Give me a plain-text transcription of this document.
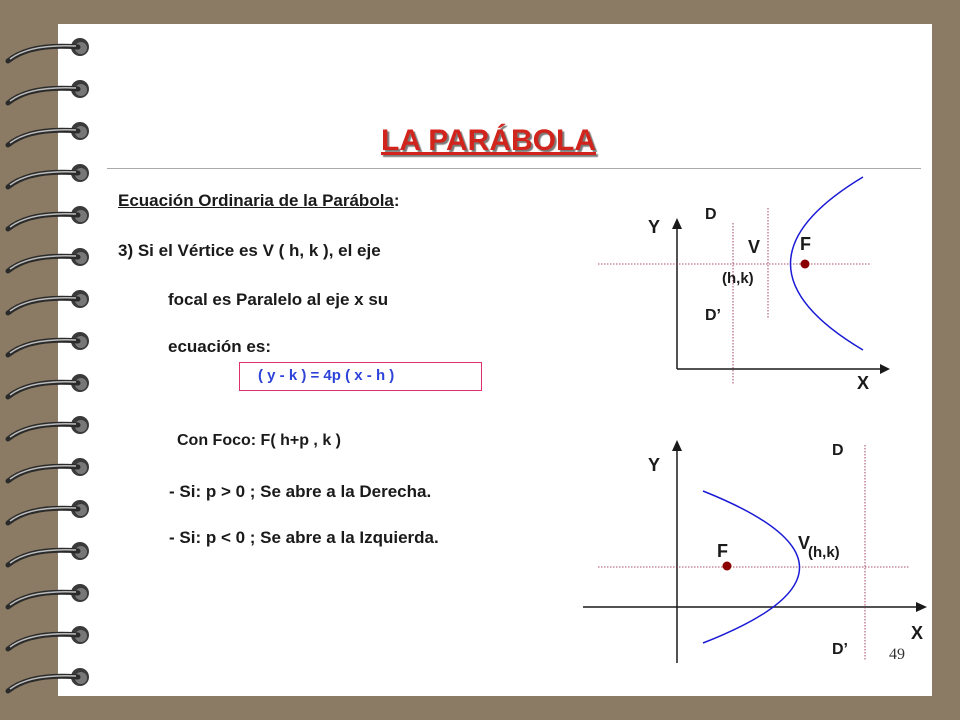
LA PARÁBOLA
Ecuación Ordinaria de la Parábola:
3) Si el Vértice es V ( h, k ), el eje
focal es Paralelo al eje x su
ecuación es:
( y - k ) = 4p ( x - h )
Con Foco: F( h+p , k )
- Si: p > 0 ; Se abre a la Derecha.
- Si: p < 0 ; Se abre a la Izquierda.
Y
X
D
D’
V
(h,k)
F
Y
X
D
D’
V
(h,k)
F
49
